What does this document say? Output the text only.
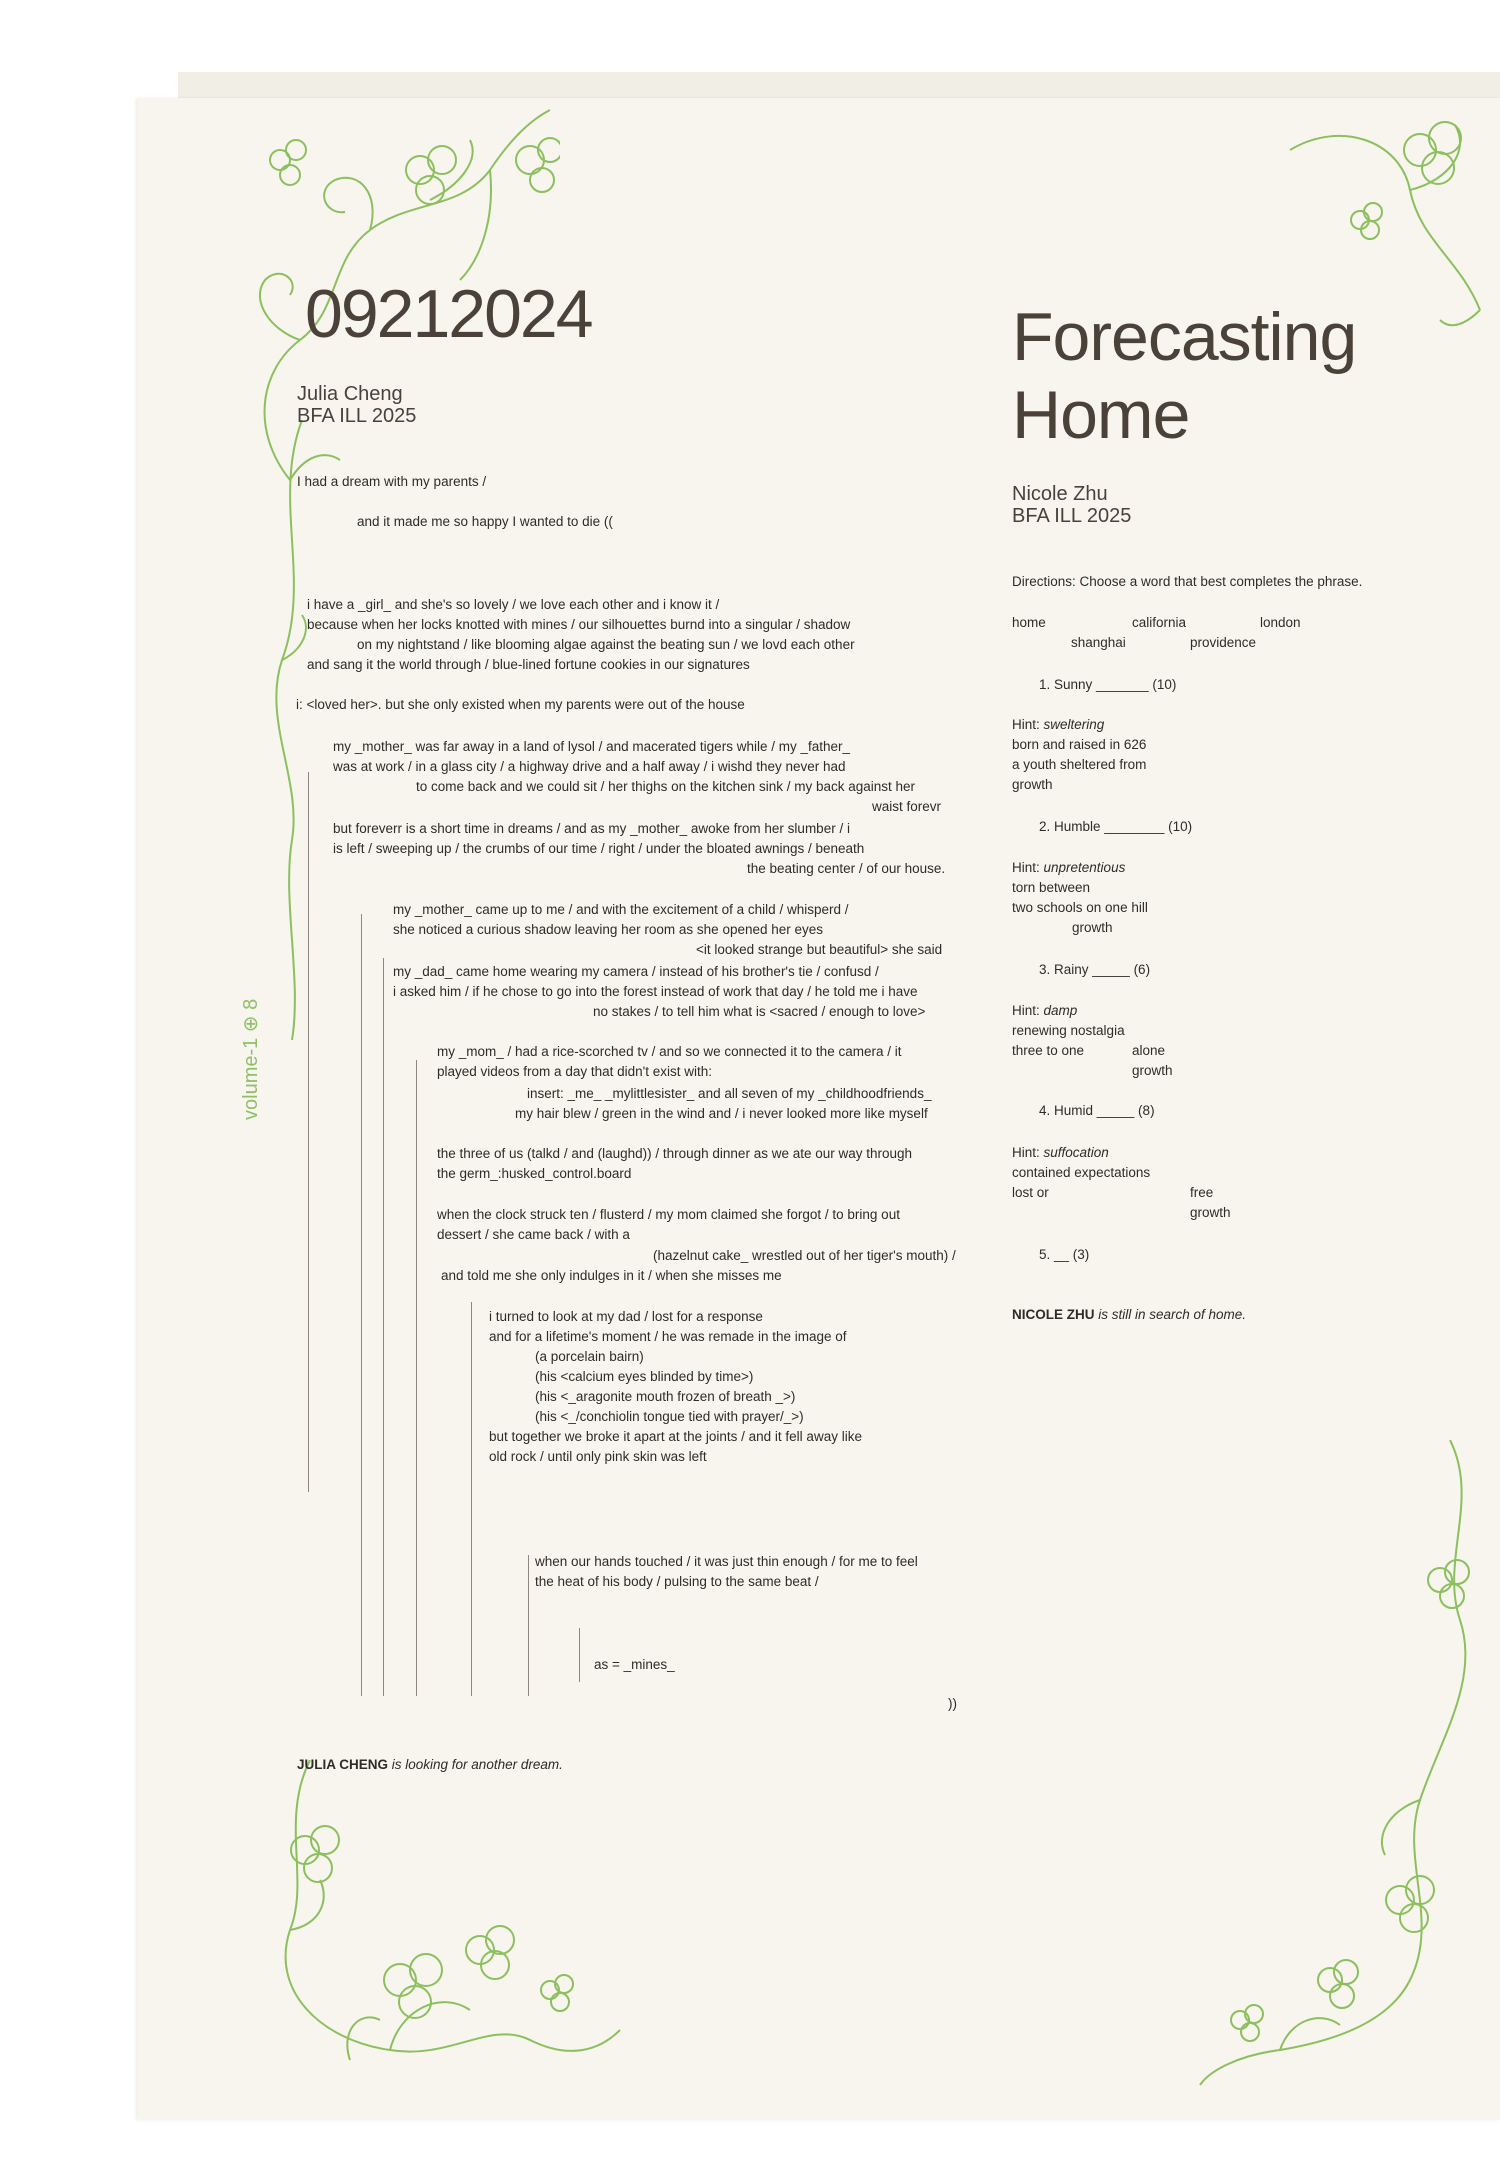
volume-1 ⊕ 8
09212024
Julia Cheng
BFA ILL 2025
I had a dream with my parents /
and it made me so happy I wanted to die ((
i have a _girl_ and she's so lovely / we love each other and i know it /
because when her locks knotted with mines / our silhouettes burnd into a singular / shadow
on my nightstand / like blooming algae against the beating sun / we lovd each other
and sang it the world through / blue-lined fortune cookies in our signatures
i: <loved her>. but she only existed when my parents were out of the house
my _mother_ was far away in a land of lysol / and macerated tigers while / my _father_
was at work / in a glass city / a highway drive and a half away / i wishd they never had
to come back and we could sit / her thighs on the kitchen sink / my back against her
waist forevr
but foreverr is a short time in dreams / and as my _mother_ awoke from her slumber / i
is left / sweeping up / the crumbs of our time / right / under the bloated awnings / beneath
the beating center / of our house.
my _mother_ came up to me / and with the excitement of a child / whisperd /
she noticed a curious shadow leaving her room as she opened her eyes
<it looked strange but beautiful> she said
my _dad_ came home wearing my camera / instead of his brother's tie / confusd /
i asked him / if he chose to go into the forest instead of work that day / he told me i have
no stakes / to tell him what is <sacred / enough to love>
my _mom_ / had a rice-scorched tv / and so we connected it to the camera / it
played videos from a day that didn't exist with:
insert: _me_ _mylittlesister_ and all seven of my _childhoodfriends_
my hair blew / green in the wind and / i never looked more like myself
the three of us (talkd / and (laughd)) / through dinner as we ate our way through
the germ_:husked_control.board
when the clock struck ten / flusterd / my mom claimed she forgot / to bring out
dessert / she came back / with a
(hazelnut cake_ wrestled out of her tiger's mouth) /
and told me she only indulges in it / when she misses me
i turned to look at my dad / lost for a response
and for a lifetime's moment / he was remade in the image of
(a porcelain bairn)
(his <calcium eyes blinded by time>)
(his <_aragonite mouth frozen of breath _>)
(his <_/conchiolin tongue tied with prayer/_>)
but together we broke it apart at the joints / and it fell away like
old rock / until only pink skin was left
when our hands touched / it was just thin enough / for me to feel
the heat of his body / pulsing to the same beat /
as = _mines_
))
JULIA CHENG is looking for another dream.
Forecasting
Home
Nicole Zhu
BFA ILL 2025
Directions: Choose a word that best completes the phrase.
home	california	london
shanghai	providence
1. Sunny _______ (10)
Hint: sweltering
born and raised in 626
a youth sheltered from
growth
2. Humble ________ (10)
Hint: unpretentious
torn between
two schools on one hill
growth
3. Rainy _____ (6)
Hint: damp
renewing nostalgia
three to one	alone
growth
4. Humid _____ (8)
Hint: suffocation
contained expectations
lost or	free
growth
5. __ (3)
NICOLE ZHU is still in search of home.
